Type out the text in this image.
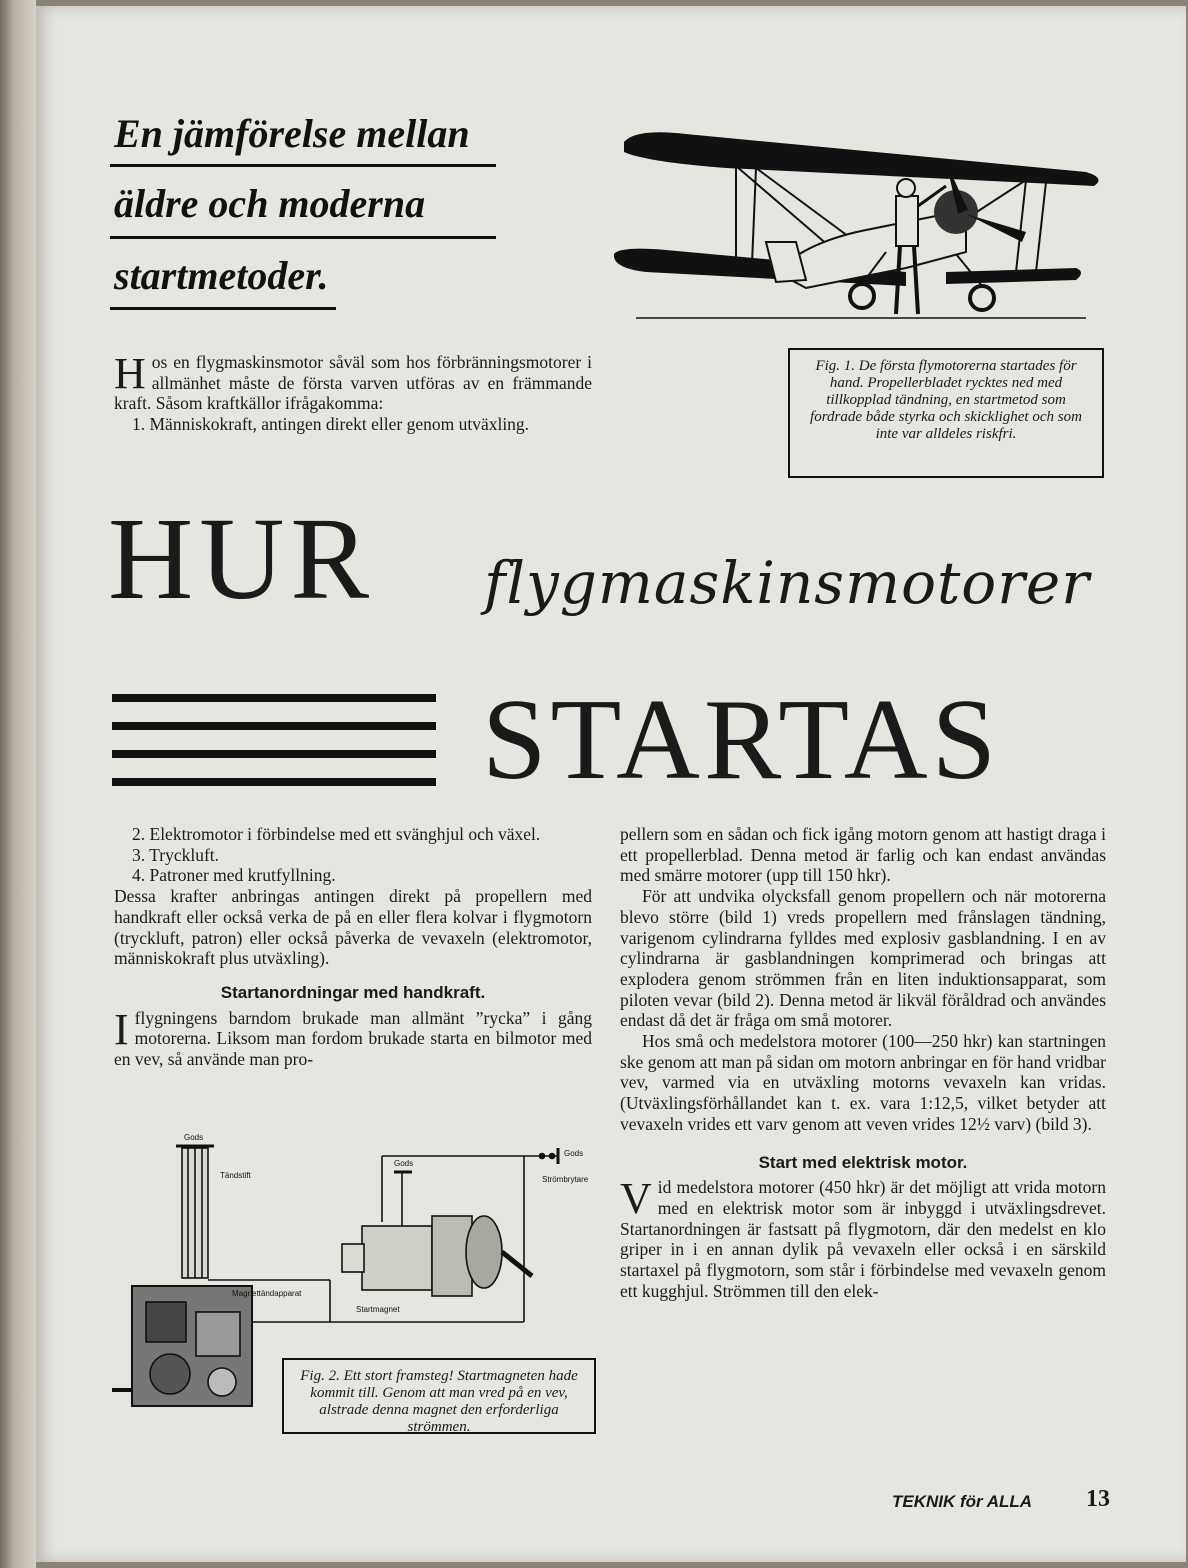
En jämförelse mellan
äldre och moderna
startmetoder.
Fig. 1. De första flymotorerna startades för hand. Propellerbladet rycktes ned med tillkopplad tändning, en startmetod som fordrade både styrka och skicklighet och som inte var alldeles riskfri.

Hos en flygmaskinsmotor såväl som hos förbränningsmotorer i allmänhet måste de första varven utföras av en främmande kraft. Såsom kraftkällor ifrågakomma:

1. Människokraft, antingen direkt eller genom utväxling.

HUR flygmaskinsmotorer
STARTAS

2. Elektromotor i förbindelse med ett svänghjul och växel.

3. Tryckluft.

4. Patroner med krutfyllning.

Dessa krafter anbringas antingen direkt på propellern med handkraft eller också verka de på en eller flera kolvar i flygmotorn (tryckluft, patron) eller också påverka de vevaxeln (elektromotor, människokraft plus utväxling).

Startanordningar med handkraft.

Iflygningens barndom brukade man allmänt ”rycka” i gång motorerna. Liksom man fordom brukade starta en bilmotor med en vev, så använde man pro-

Gods
Tändstift
Gods
Gods
Strömbrytare
Magnettändapparat
Startmagnet
Fig. 2. Ett stort framsteg! Startmagneten hade kommit till. Genom att man vred på en vev, alstrade denna magnet den erforderliga strömmen.

pellern som en sådan och fick igång motorn genom att hastigt draga i ett propellerblad. Denna metod är farlig och kan endast användas med smärre motorer (upp till 150 hkr).

För att undvika olycksfall genom propellern och när motorerna blevo större (bild 1) vreds propellern med frånslagen tändning, varigenom cylindrarna fylldes med explosiv gasblandning. I en av cylindrarna är gasblandningen komprimerad och bringas att explodera genom strömmen från en liten induktionsapparat, som piloten vevar (bild 2). Denna metod är likväl föråldrad och användes endast då det är fråga om små motorer.

Hos små och medelstora motorer (100—250 hkr) kan startningen ske genom att man på sidan om motorn anbringar en för hand vridbar vev, varmed via en utväxling motorns vevaxeln kan vridas. (Utväxlingsförhållandet kan t. ex. vara 1:12,5, vilket betyder att vevaxeln vrides ett varv genom att veven vrides 12½ varv) (bild 3).

Start med elektrisk motor.

Vid medelstora motorer (450 hkr) är det möjligt att vrida motorn med en elektrisk motor som är inbyggd i utväxlingsdrevet. Startanordningen är fastsatt på flygmotorn, där den medelst en klo griper in i en annan dylik på vevaxeln eller också i en särskild startaxel på flygmotorn, som står i förbindelse med vevaxeln genom ett kugghjul. Strömmen till den elek-

TEKNIK för ALLA 13
